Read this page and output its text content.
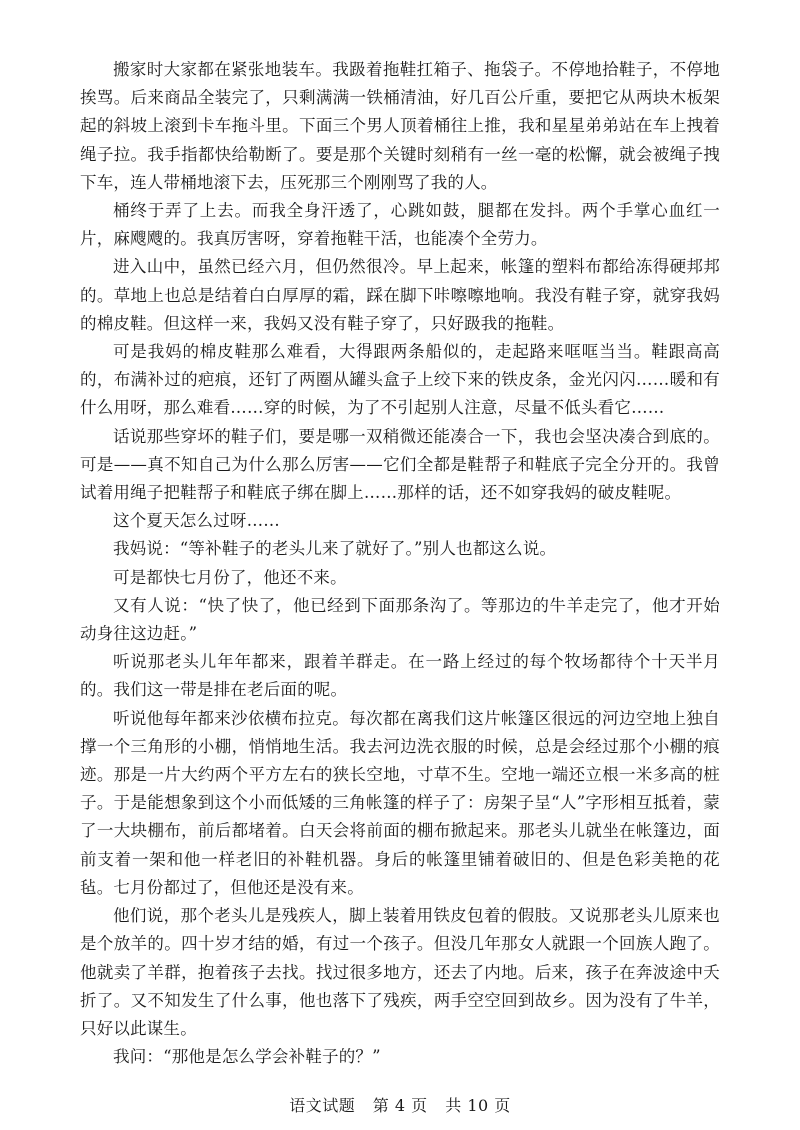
搬家时大家都在紧张地装车。我趿着拖鞋扛箱子、拖袋子。不停地拾鞋子，不停地挨骂。后来商品全装完了，只剩满满一铁桶清油，好几百公斤重，要把它从两块木板架起的斜坡上滚到卡车拖斗里。下面三个男人顶着桶往上推，我和星星弟弟站在车上拽着绳子拉。我手指都快给勒断了。要是那个关键时刻稍有一丝一毫的松懈，就会被绳子拽下车，连人带桶地滚下去，压死那三个刚刚骂了我的人。

桶终于弄了上去。而我全身汗透了，心跳如鼓，腿都在发抖。两个手掌心血红一片，麻飕飕的。我真厉害呀，穿着拖鞋干活，也能凑个全劳力。

进入山中，虽然已经六月，但仍然很冷。早上起来，帐篷的塑料布都给冻得硬邦邦的。草地上也总是结着白白厚厚的霜，踩在脚下咔嚓嚓地响。我没有鞋子穿，就穿我妈的棉皮鞋。但这样一来，我妈又没有鞋子穿了，只好趿我的拖鞋。

可是我妈的棉皮鞋那么难看，大得跟两条船似的，走起路来哐哐当当。鞋跟高高的，布满补过的疤痕，还钉了两圈从罐头盒子上绞下来的铁皮条，金光闪闪……暖和有什么用呀，那么难看……穿的时候，为了不引起别人注意，尽量不低头看它……

话说那些穿坏的鞋子们，要是哪一双稍微还能凑合一下，我也会坚决凑合到底的。可是——真不知自己为什么那么厉害——它们全都是鞋帮子和鞋底子完全分开的。我曾试着用绳子把鞋帮子和鞋底子绑在脚上……那样的话，还不如穿我妈的破皮鞋呢。

这个夏天怎么过呀……

我妈说：“等补鞋子的老头儿来了就好了。”别人也都这么说。

可是都快七月份了，他还不来。

又有人说：“快了快了，他已经到下面那条沟了。等那边的牛羊走完了，他才开始动身往这边赶。”

听说那老头儿年年都来，跟着羊群走。在一路上经过的每个牧场都待个十天半月的。我们这一带是排在老后面的呢。

听说他每年都来沙依横布拉克。每次都在离我们这片帐篷区很远的河边空地上独自撑一个三角形的小棚，悄悄地生活。我去河边洗衣服的时候，总是会经过那个小棚的痕迹。那是一片大约两个平方左右的狭长空地，寸草不生。空地一端还立根一米多高的桩子。于是能想象到这个小而低矮的三角帐篷的样子了：房架子呈“人”字形相互抵着，蒙了一大块棚布，前后都堵着。白天会将前面的棚布掀起来。那老头儿就坐在帐篷边，面前支着一架和他一样老旧的补鞋机器。身后的帐篷里铺着破旧的、但是色彩美艳的花毡。七月份都过了，但他还是没有来。

他们说，那个老头儿是残疾人，脚上装着用铁皮包着的假肢。又说那老头儿原来也是个放羊的。四十岁才结的婚，有过一个孩子。但没几年那女人就跟一个回族人跑了。他就卖了羊群，抱着孩子去找。找过很多地方，还去了内地。后来，孩子在奔波途中夭折了。又不知发生了什么事，他也落下了残疾，两手空空回到故乡。因为没有了牛羊，只好以此谋生。

我问：“那他是怎么学会补鞋子的？”

语文试题 第 4 页 共 10 页
